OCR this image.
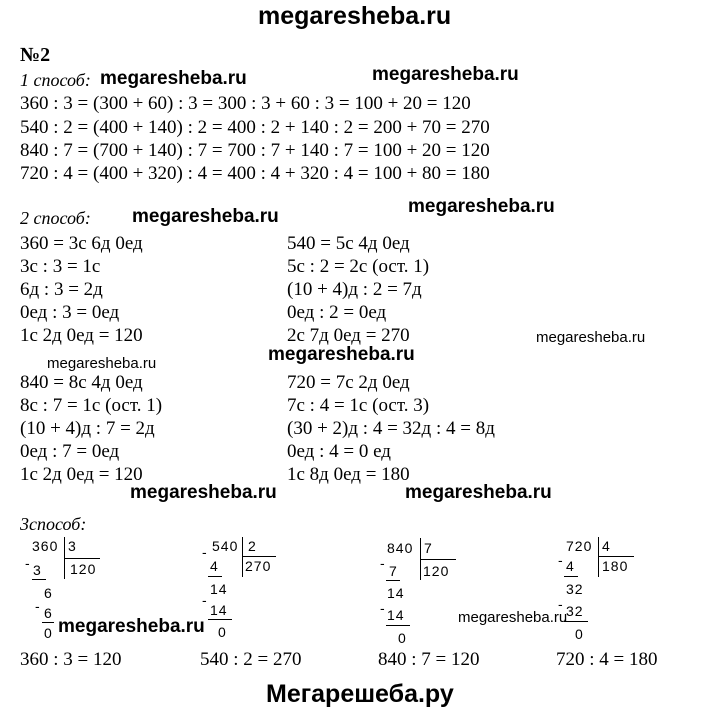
megaresheba.ru
№2
1 способ:
360 : 3 = (300 + 60) : 3 = 300 : 3 + 60 : 3 = 100 + 20 = 120
540 : 2 = (400 + 140) : 2 = 400 : 2 + 140 : 2 = 200 + 70 = 270
840 : 7 = (700 + 140) : 7 = 700 : 7 + 140 : 7 = 100 + 20 = 120
720 : 4 = (400 + 320) : 4 = 400 : 4 + 320 : 4 = 100 + 80 = 180
2 способ:
360 = 3с 6д 0ед
3с : 3 = 1с
6д : 3 = 2д
0ед : 3 = 0ед
1с 2д 0ед = 120
540 = 5с 4д 0ед
5с : 2 = 2с (ост. 1)
(10 + 4)д : 2 = 7д
0ед : 2 = 0ед
2с 7д 0ед = 270
840 = 8с 4д 0ед
8с : 7 = 1с (ост. 1)
(10 + 4)д : 7 = 2д
0ед : 7 = 0ед
1с 2д 0ед = 120
720 = 7с 2д 0ед
7с : 4 = 1с (ост. 3)
(30 + 2)д : 4 = 32д : 4 = 8д
0ед : 4 = 0 ед
1с 8д 0ед = 180
3способ:
360 3
120
- 3
6
- 6
0
540 2
270
-
4
14
-
14
0
840 7
120
- 7
14
- 14
0
720 4
180
- 4
32
- 32
0
360 : 3 = 120	540 : 2 = 270	840 : 7 = 120	720 : 4 = 180
megaresheba.ru	megaresheba.ru
megaresheba.ru	megaresheba.ru
megaresheba.ru
megaresheba.ru	megaresheba.ru
megaresheba.ru	megaresheba.ru
megaresheba.ru	megaresheba.ru
Мегарешеба.ру
